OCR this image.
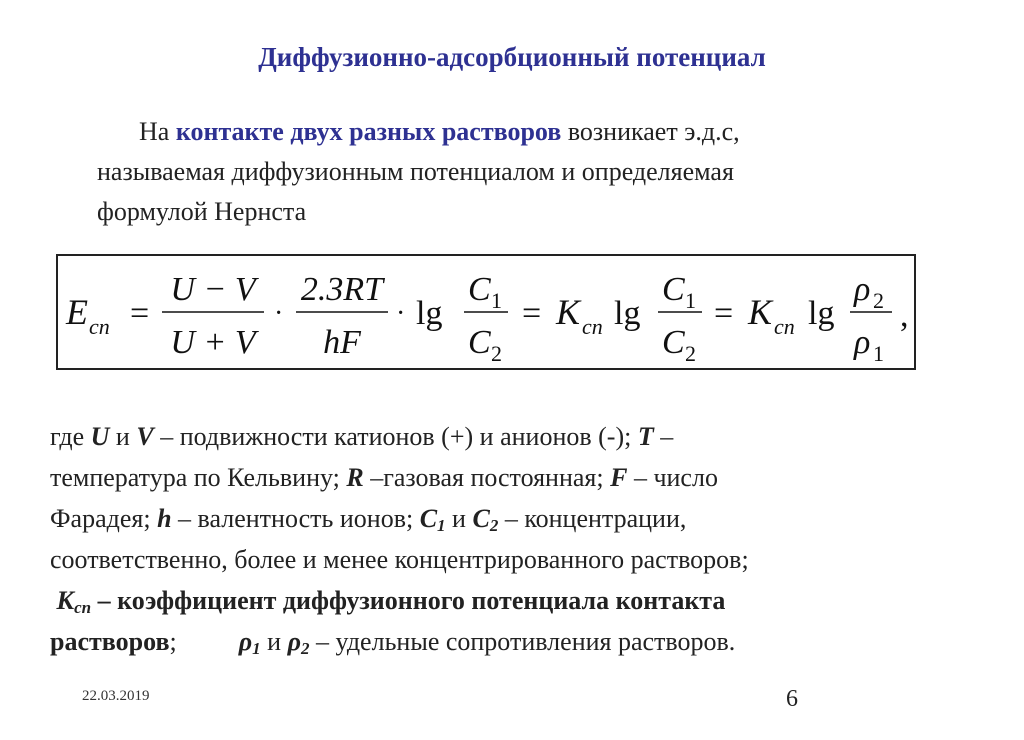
Диффузионно-адсорбционный потенциал
На контакте двух разных растворов возникает э.д.с,
называемая диффузионным потенциалом и определяемая
формулой Нернста
E сп =
U − V
U + V
·
2.3RT
hF
· lg
C 1
C 2
= K сп lg
C 1
C 2
= K сп lg
ρ 2
ρ 1
,
где U и V – подвижности катионов (+) и анионов (-); T –
температура по Кельвину; R –газовая постоянная; F – число
Фарадея; h – валентность ионов; $C_1$ и $C_2$ – концентрации,
соответственно, более и менее концентрированного растворов;
$К_{сп}$ – коэффициент диффузионного потенциала контакта
растворов; $\rho_1$ и $\rho_2$ – удельные сопротивления растворов.
22.03.2019	6
